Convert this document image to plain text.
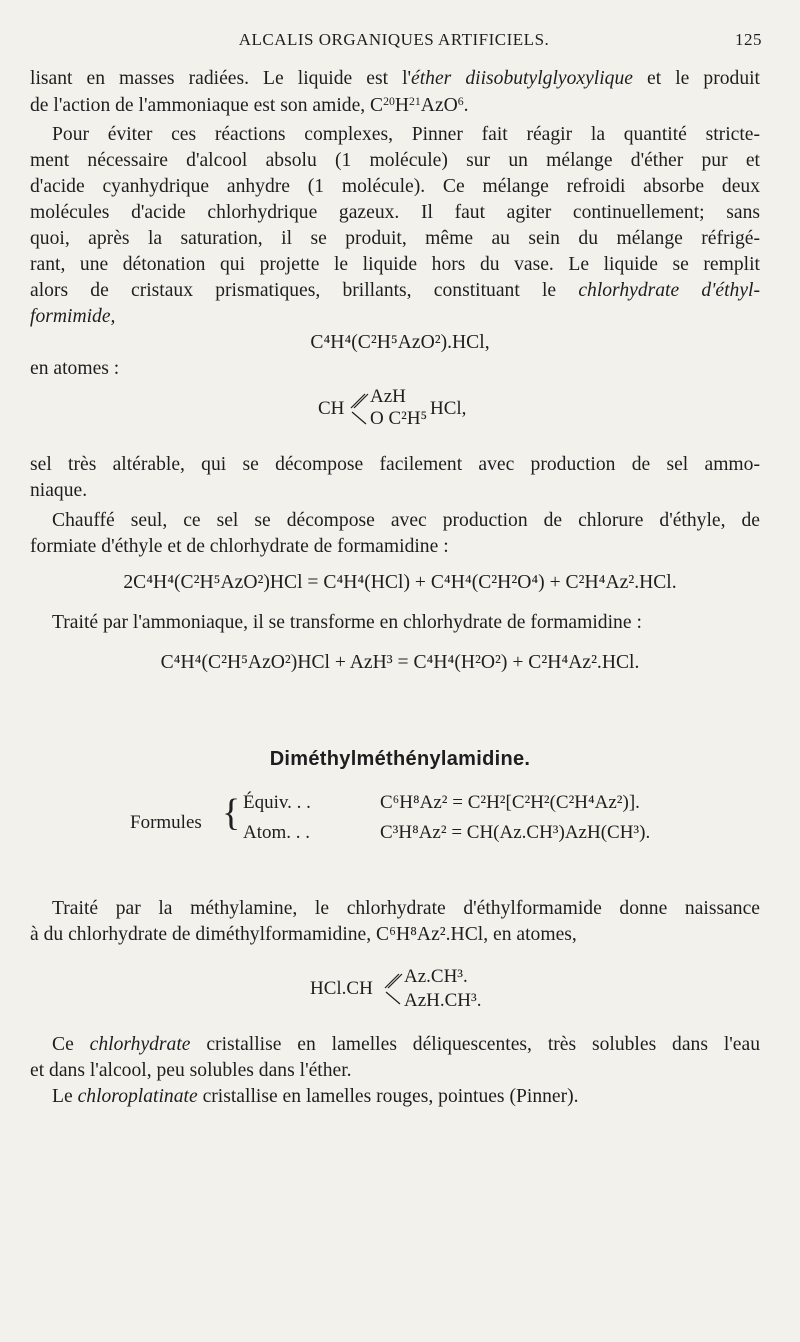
ALCALIS ORGANIQUES ARTIFICIELS.	125
lisant en masses radiées. Le liquide est l'éther diisobutylglyoxylique et le produit
de l'action de l'ammoniaque est son amide, $C^{20}H^{21}AzO^6$.
Pour éviter ces réactions complexes, Pinner fait réagir la quantité stricte-
ment nécessaire d'alcool absolu (1 molécule) sur un mélange d'éther pur et
d'acide cyanhydrique anhydre (1 molécule). Ce mélange refroidi absorbe deux
molécules d'acide chlorhydrique gazeux. Il faut agiter continuellement; sans
quoi, après la saturation, il se produit, même au sein du mélange réfrigé-
rant, une détonation qui projette le liquide hors du vase. Le liquide se remplit
alors de cristaux prismatiques, brillants, constituant le chlorhydrate d'éthyl-
formimide,
C⁴H⁴(C²H⁵AzO²).HCl,
en atomes :
CH
AzH
O C²H⁵ HCl,
sel très altérable, qui se décompose facilement avec production de sel ammo-
niaque.
Chauffé seul, ce sel se décompose avec production de chlorure d'éthyle, de
formiate d'éthyle et de chlorhydrate de formamidine :
2C⁴H⁴(C²H⁵AzO²)HCl = C⁴H⁴(HCl) + C⁴H⁴(C²H²O⁴) + C²H⁴Az².HCl.
Traité par l'ammoniaque, il se transforme en chlorhydrate de formamidine :
C⁴H⁴(C²H⁵AzO²)HCl + AzH³ = C⁴H⁴(H²O²) + C²H⁴Az².HCl.
Diméthylméthénylamidine.
Formules { Équiv. . .
Atom. . .
C⁶H⁸Az² = C²H²[C²H²(C²H⁴Az²)].
C³H⁸Az² = CH(Az.CH³)AzH(CH³).
Traité par la méthylamine, le chlorhydrate d'éthylformamide donne naissance
à du chlorhydrate de diméthylformamidine, C⁶H⁸Az².HCl, en atomes,
HCl.CH
Az.CH³.
AzH.CH³.
Ce chlorhydrate cristallise en lamelles déliquescentes, très solubles dans l'eau
et dans l'alcool, peu solubles dans l'éther.
Le chloroplatinate cristallise en lamelles rouges, pointues (Pinner).
